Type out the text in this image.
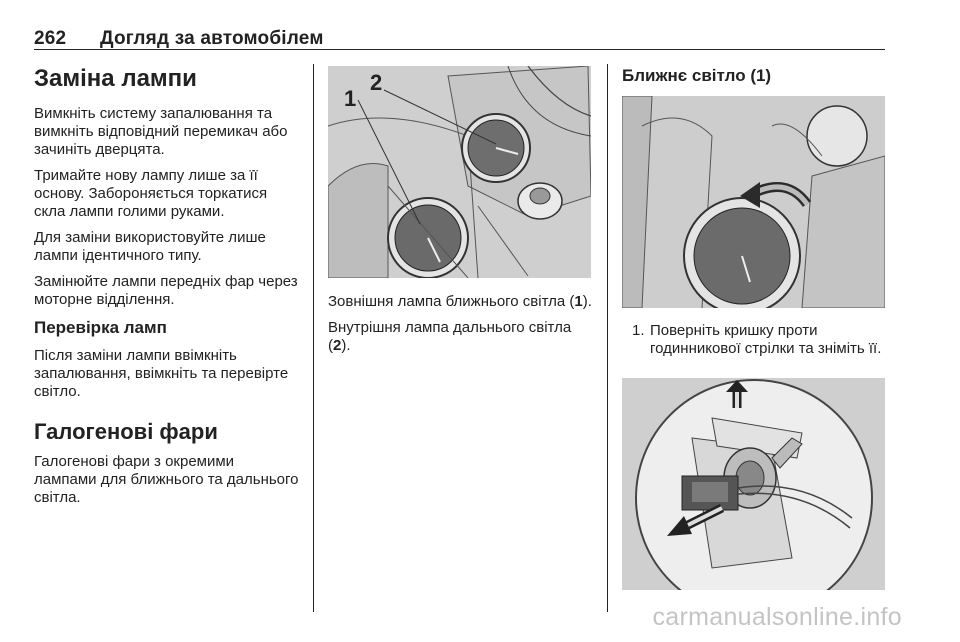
262 Догляд за автомобілем
Заміна лампи

Вимкніть систему запалювання та вимкніть відповідний перемикач або зачиніть дверцята.

Тримайте нову лампу лише за її основу. Забороняється торкатися скла лампи голими руками.

Для заміни використовуйте лише лампи ідентичного типу.

Замінюйте лампи передніх фар через моторне відділення.

Перевірка ламп

Після заміни лампи ввімкніть запалювання, ввімкніть та перевірте світло.

Галогенові фари

Галогенові фари з окремими лампами для ближнього та дальнього світла.

1
2

Зовнішня лампа ближнього світла (1).

Внутрішня лампа дальнього світла (2).

Ближнє світло (1)
1. Поверніть кришку проти годинникової стрілки та зніміть її.
carmanualsonline.info
